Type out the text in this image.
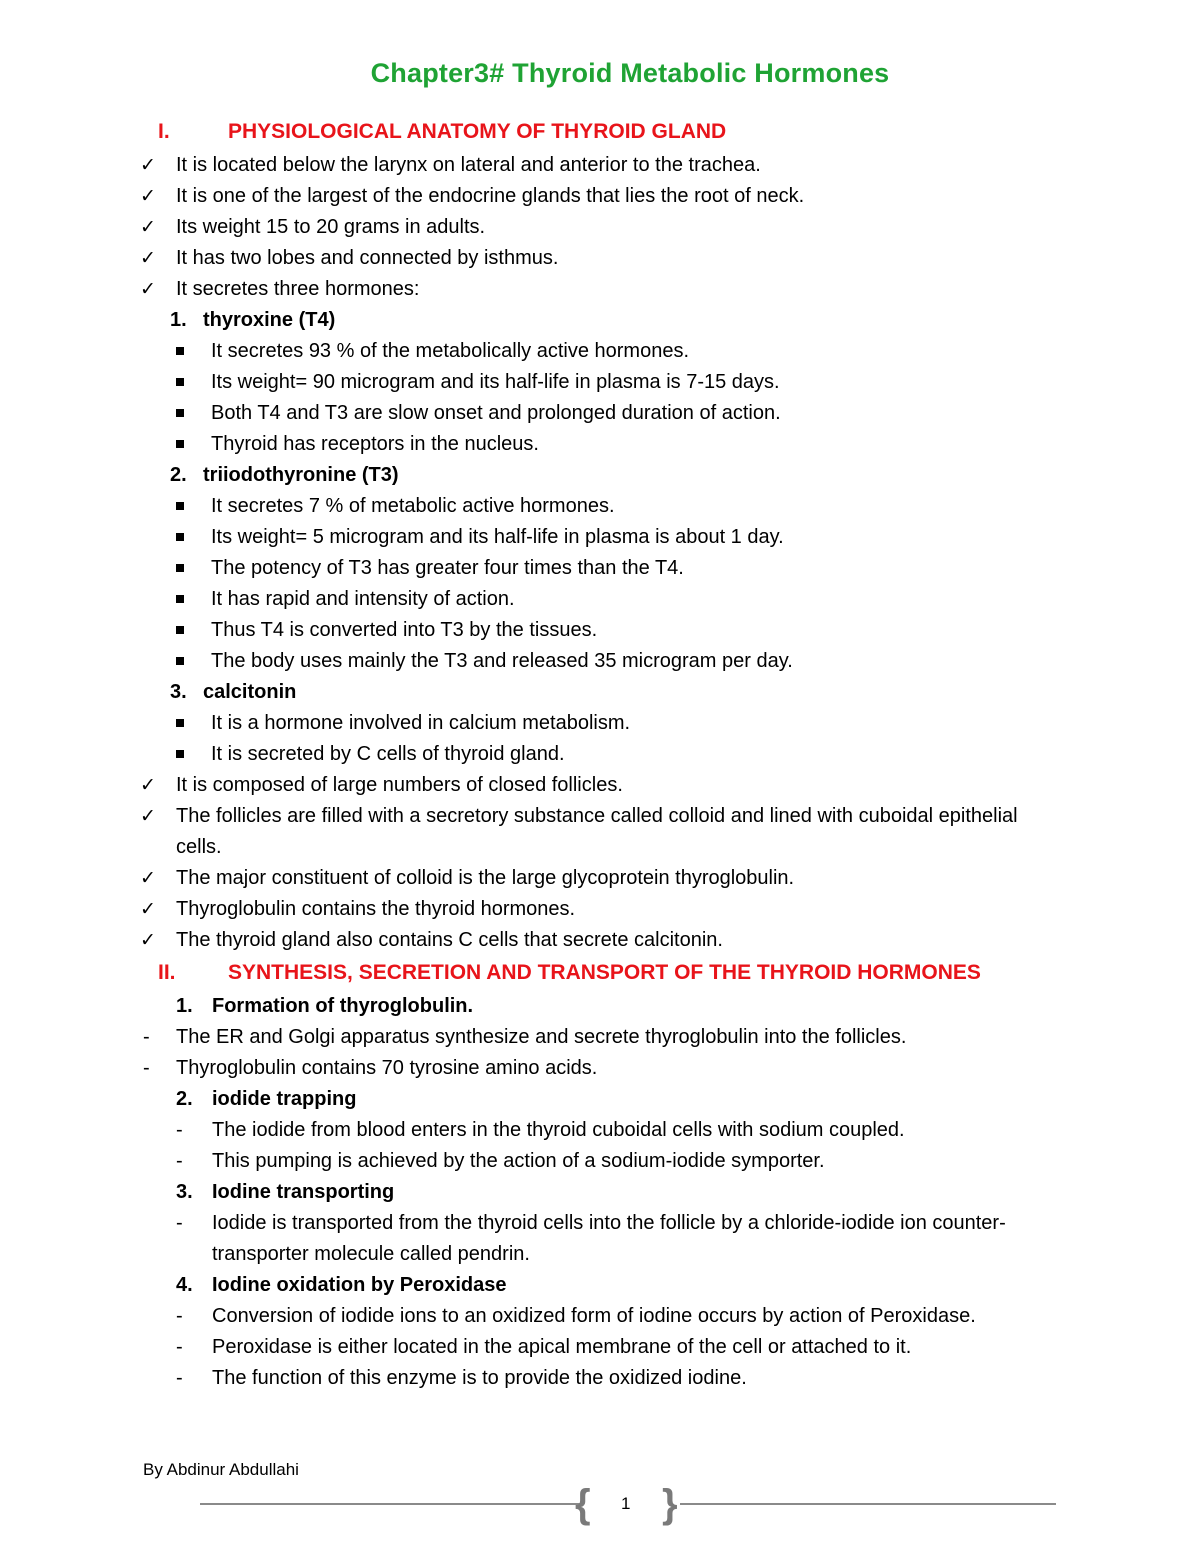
Chapter3# Thyroid Metabolic Hormones
I.	PHYSIOLOGICAL ANATOMY OF THYROID GLAND
✓ It is located below the larynx on lateral and anterior to the trachea.
✓ It is one of the largest of the endocrine glands that lies the root of neck.
✓ Its weight 15 to 20 grams in adults.
✓ It has two lobes and connected by isthmus.
✓ It secretes three hormones:
1. thyroxine (T4)
It secretes 93 % of the metabolically active hormones.
Its weight= 90 microgram and its half-life in plasma is 7-15 days.
Both T4 and T3 are slow onset and prolonged duration of action.
Thyroid has receptors in the nucleus.
2. triiodothyronine (T3)
It secretes 7 % of metabolic active hormones.
Its weight= 5 microgram and its half-life in plasma is about 1 day.
The potency of T3 has greater four times than the T4.
It has rapid and intensity of action.
Thus T4 is converted into T3 by the tissues.
The body uses mainly the T3 and released 35 microgram per day.
3. calcitonin
It is a hormone involved in calcium metabolism.
It is secreted by C cells of thyroid gland.
✓ It is composed of large numbers of closed follicles.
✓ The follicles are filled with a secretory substance called colloid and lined with cuboidal epithelial
cells.
✓ The major constituent of colloid is the large glycoprotein thyroglobulin.
✓ Thyroglobulin contains the thyroid hormones.
✓ The thyroid gland also contains C cells that secrete calcitonin.
II. SYNTHESIS, SECRETION AND TRANSPORT OF THE THYROID HORMONES
1. Formation of thyroglobulin.
- The ER and Golgi apparatus synthesize and secrete thyroglobulin into the follicles.
- Thyroglobulin contains 70 tyrosine amino acids.
2. iodide trapping
- The iodide from blood enters in the thyroid cuboidal cells with sodium coupled.
- This pumping is achieved by the action of a sodium-iodide symporter.
3. Iodine transporting
- Iodide is transported from the thyroid cells into the follicle by a chloride-iodide ion counter-
transporter molecule called pendrin.
4. Iodine oxidation by Peroxidase
- Conversion of iodide ions to an oxidized form of iodine occurs by action of Peroxidase.
- Peroxidase is either located in the apical membrane of the cell or attached to it.
- The function of this enzyme is to provide the oxidized iodine.
By Abdinur Abdullahi
{ 1 }
